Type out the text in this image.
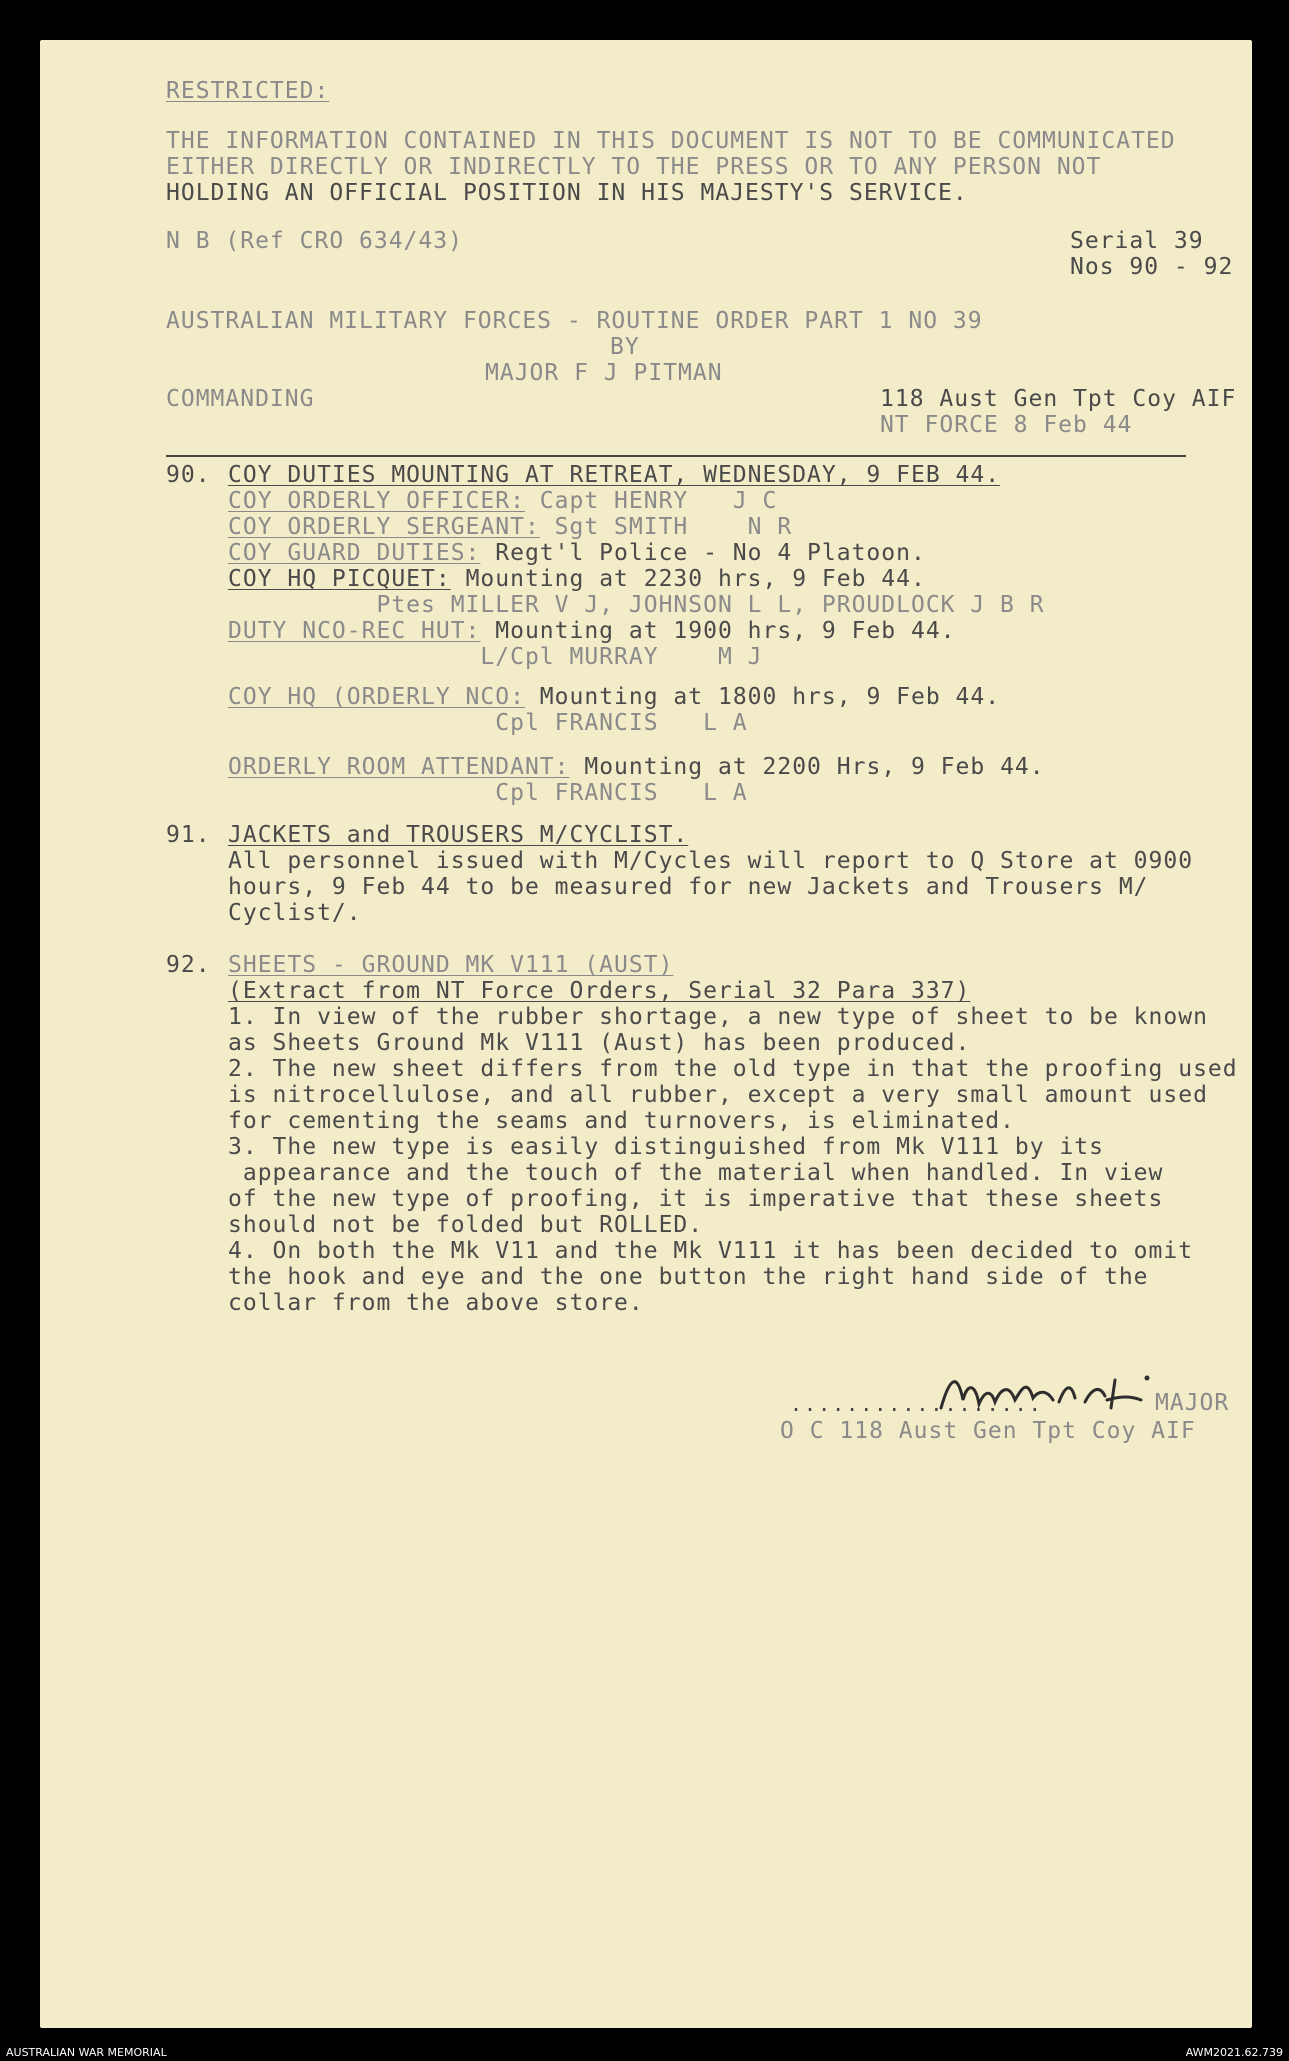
RESTRICTED:
THE INFORMATION CONTAINED IN THIS DOCUMENT IS NOT TO BE COMMUNICATED
EITHER DIRECTLY OR INDIRECTLY TO THE PRESS OR TO ANY PERSON NOT
HOLDING AN OFFICIAL POSITION IN HIS MAJESTY'S SERVICE.
N B (Ref CRO 634/43)	Serial 39
Nos 90 - 92
AUSTRALIAN MILITARY FORCES - ROUTINE ORDER PART 1 NO 39
BY
MAJOR F J PITMAN
COMMANDING	118 Aust Gen Tpt Coy AIF
NT FORCE 8 Feb 44
90. COY DUTIES MOUNTING AT RETREAT, WEDNESDAY, 9 FEB 44.
COY ORDERLY OFFICER: Capt HENRY   J C
COY ORDERLY SERGEANT: Sgt SMITH    N R
COY GUARD DUTIES: Regt'l Police - No 4 Platoon.
COY HQ PICQUET: Mounting at 2230 hrs, 9 Feb 44.
Ptes MILLER V J, JOHNSON L L, PROUDLOCK J B R
DUTY NCO-REC HUT: Mounting at 1900 hrs, 9 Feb 44.
L/Cpl MURRAY    M J
COY HQ (ORDERLY NCO: Mounting at 1800 hrs, 9 Feb 44.
Cpl FRANCIS   L A
ORDERLY ROOM ATTENDANT: Mounting at 2200 Hrs, 9 Feb 44.
Cpl FRANCIS   L A
91. JACKETS and TROUSERS M/CYCLIST.
All personnel issued with M/Cycles will report to Q Store at 0900
hours, 9 Feb 44 to be measured for new Jackets and Trousers M/
Cyclist/.
92. SHEETS - GROUND MK V111 (AUST)
(Extract from NT Force Orders, Serial 32 Para 337)
1. In view of the rubber shortage, a new type of sheet to be known
as Sheets Ground Mk V111 (Aust) has been produced.
2. The new sheet differs from the old type in that the proofing used
is nitrocellulose, and all rubber, except a very small amount used
for cementing the seams and turnovers, is eliminated.
3. The new type is easily distinguished from Mk V111 by its
appearance and the touch of the material when handled. In view
of the new type of proofing, it is imperative that these sheets
should not be folded but ROLLED.
4. On both the Mk V11 and the Mk V111 it has been decided to omit
the hook and eye and the one button the right hand side of the
collar from the above store.
..................	MAJOR
O C 118 Aust Gen Tpt Coy AIF
AUSTRALIAN WAR MEMORIAL	AWM2021.62.739
